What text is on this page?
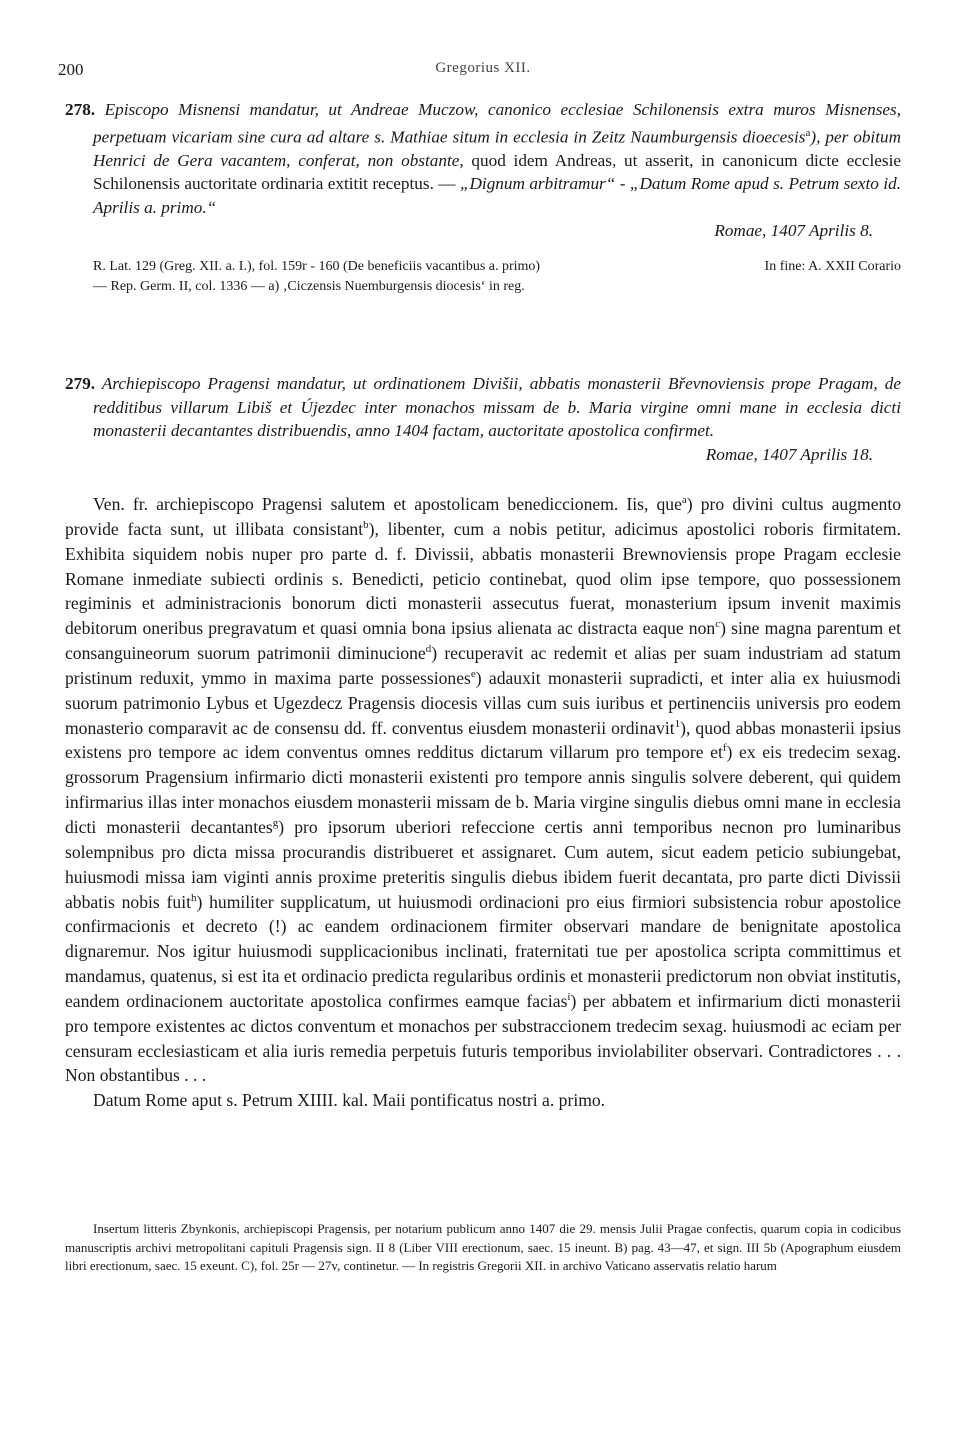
200	Gregorius XII.
278. Episcopo Misnensi mandatur, ut Andreae Muczow, canonico ecclesiae Schilonensis extra muros Misnenses, perpetuam vicariam sine cura ad altare s. Mathiae situm in ecclesia in Zeitz Naumburgensis dioecesis$^a$), per obitum Henrici de Gera vacantem, conferat, non obstante, quod idem Andreas, ut asserit, in canonicum dicte ecclesie Schilonensis auctoritate ordinaria extitit receptus. — „Dignum arbitramur“ - „Datum Rome apud s. Petrum sexto id. Aprilis a. primo.“
Romae, 1407 Aprilis 8.
R. Lat. 129 (Greg. XII. a. I.), fol. 159r - 160 (De beneficiis vacantibus a. primo)	In fine: A. XXII Corario
— Rep. Germ. II, col. 1336 — a) ‚Ciczensis Nuemburgensis diocesis‘ in reg.
279. Archiepiscopo Pragensi mandatur, ut ordinationem Divišii, abbatis monasterii Břevnoviensis prope Pragam, de redditibus villarum Libiš et Újezdec inter monachos missam de b. Maria virgine omni mane in ecclesia dicti monasterii decantantes distribuendis, anno 1404 factam, auctoritate apostolica confirmet.
Romae, 1407 Aprilis 18.

Ven. fr. archiepiscopo Pragensi salutem et apostolicam benediccionem. Iis, que$^a$) pro divini cultus augmento provide facta sunt, ut illibata consistant$^b$), libenter, cum a nobis petitur, adicimus apostolici roboris firmitatem. Exhibita siquidem nobis nuper pro parte d. f. Divissii, abbatis monasterii Brewnoviensis prope Pragam ecclesie Romane inmediate subiecti ordinis s. Benedicti, peticio continebat, quod olim ipse tempore, quo possessionem regiminis et administracionis bonorum dicti monasterii assecutus fuerat, monasterium ipsum invenit maximis debitorum oneribus pregravatum et quasi omnia bona ipsius alienata ac distracta eaque non$^c$) sine magna parentum et consanguineorum suorum patrimonii diminucione$^d$) recuperavit ac redemit et alias per suam industriam ad statum pristinum reduxit, ymmo in maxima parte possessiones$^e$) adauxit monasterii supradicti, et inter alia ex huiusmodi suorum patrimonio Lybus et Ugezdecz Pragensis diocesis villas cum suis iuribus et pertinenciis universis pro eodem monasterio comparavit ac de consensu dd. ff. conventus eiusdem monasterii ordinavit$^1$), quod abbas monasterii ipsius existens pro tempore ac idem conventus omnes redditus dictarum villarum pro tempore $et^f$) ex eis tredecim sexag. grossorum Pragensium infirmario dicti monasterii existenti pro tempore annis singulis solvere deberent, qui quidem infirmarius illas inter monachos eiusdem monasterii missam de b. Maria virgine singulis diebus omni mane in ecclesia dicti monasterii decantantes$^g$) pro ipsorum uberiori refeccione certis anni temporibus necnon pro luminaribus solempnibus pro dicta missa procurandis distribueret et assignaret. Cum autem, sicut eadem peticio subiungebat, huiusmodi missa iam viginti annis proxime preteritis singulis diebus ibidem fuerit decantata, pro parte dicti Divissii abbatis nobis fuit$^h$) humiliter supplicatum, ut huiusmodi ordinacioni pro eius firmiori subsistencia robur apostolice confirmacionis et decreto (!) ac eandem ordinacionem firmiter observari mandare de benignitate apostolica dignaremur. Nos igitur huiusmodi supplicacionibus inclinati, fraternitati tue per apostolica scripta committimus et mandamus, quatenus, si est ita et ordinacio predicta regularibus ordinis et monasterii predictorum non obviat institutis, eandem ordinacionem auctoritate apostolica confirmes eamque facias$^i$) per abbatem et infirmarium dicti monasterii pro tempore existentes ac dictos conventum et monachos per substraccionem tredecim sexag. huiusmodi ac eciam per censuram ecclesiasticam et alia iuris remedia perpetuis futuris temporibus inviolabiliter observari. Contradictores . . . Non obstantibus . . .

Datum Rome aput s. Petrum XIIII. kal. Maii pontificatus nostri a. primo.

Insertum litteris Zbynkonis, archiepiscopi Pragensis, per notarium publicum anno 1407 die 29. mensis Julii Pragae confectis, quarum copia in codicibus manuscriptis archivi metropolitani capituli Pragensis sign. II 8 (Liber VIII erectionum, saec. 15 ineunt. B) pag. 43—47, et sign. III 5b (Apographum eiusdem libri erectionum, saec. 15 exeunt. C), fol. 25r — 27v, continetur. — In registris Gregorii XII. in archivo Vaticano asservatis relatio harum
